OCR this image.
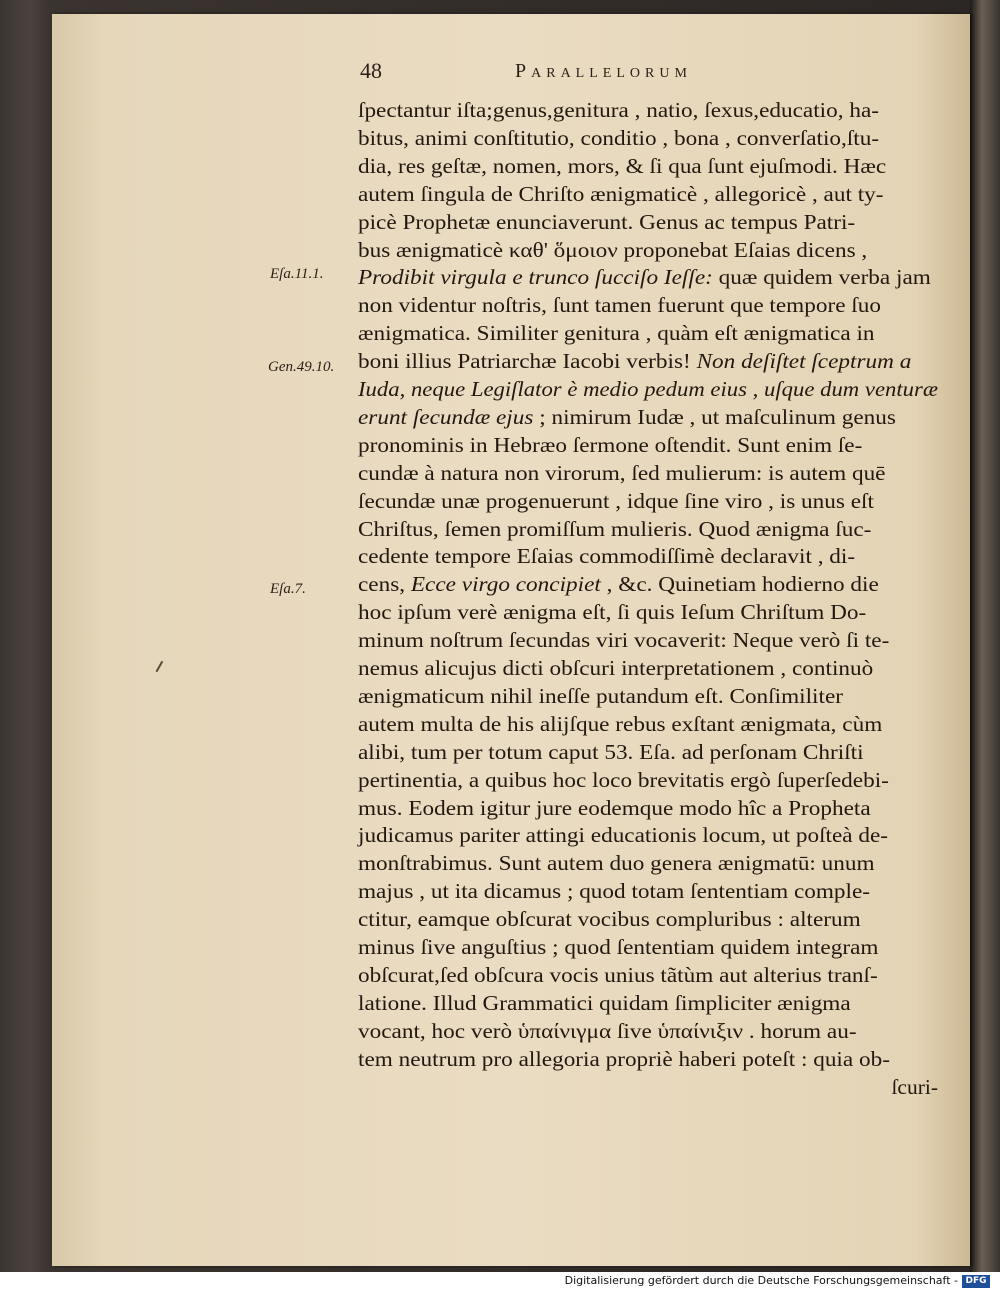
48	Parallelorum
Eſa.11.1.
Gen.49.10.
Eſa.7.
ſpectantur iſta;genus,genitura , natio, ſexus,educatio, ha-
bitus, animi conſtitutio, conditio , bona , converſatio,ſtu-
dia, res geſtæ, nomen, mors, & ſi qua ſunt ejuſmodi. Hæc
autem ſingula de Chriſto ænigmaticè , allegoricè , aut ty-
picè Prophetæ enunciaverunt. Genus ac tempus Patri-
bus ænigmaticè καθ' ὅμοιον proponebat Eſaias dicens ,
Prodibit virgula e trunco ſucciſo Ieſſe: quæ quidem verba jam
non videntur noſtris, ſunt tamen fuerunt que tempore ſuo
ænigmatica. Similiter genitura , quàm eſt ænigmatica in
boni illius Patriarchæ Iacobi verbis! Non deſiſtet ſceptrum a
Iuda, neque Legiſlator è medio pedum eius , uſque dum venturæ
erunt ſecundæ ejus ; nimirum Iudæ , ut maſculinum genus
pronominis in Hebræo ſermone oſtendit. Sunt enim ſe-
cundæ à natura non virorum, ſed mulierum: is autem quē
ſecundæ unæ progenuerunt , idque ſine viro , is unus eſt
Chriſtus, ſemen promiſſum mulieris. Quod ænigma ſuc-
cedente tempore Eſaias commodiſſimè declaravit , di-
cens, Ecce virgo concipiet , &c. Quinetiam hodierno die
hoc ipſum verè ænigma eſt, ſi quis Ieſum Chriſtum Do-
minum noſtrum ſecundas viri vocaverit: Neque verò ſi te-
nemus alicujus dicti obſcuri interpretationem , continuò
ænigmaticum nihil ineſſe putandum eſt. Conſimiliter
autem multa de his alijſque rebus exſtant ænigmata, cùm
alibi, tum per totum caput 53. Eſa. ad perſonam Chriſti
pertinentia, a quibus hoc loco brevitatis ergò ſuperſedebi-
mus. Eodem igitur jure eodemque modo hîc a Propheta
judicamus pariter attingi educationis locum, ut poſteà de-
monſtrabimus. Sunt autem duo genera ænigmatū: unum
majus , ut ita dicamus ; quod totam ſententiam comple-
ctitur, eamque obſcurat vocibus compluribus : alterum
minus ſive anguſtius ; quod ſententiam quidem integram
obſcurat,ſed obſcura vocis unius tãtùm aut alterius tranſ-
latione. Illud Grammatici quidam ſimpliciter ænigma
vocant, hoc verò ὑπαίνιγμα ſive ὑπαίνιξιν . horum au-
tem neutrum pro allegoria propriè haberi poteſt : quia ob-
ſcuri-
Digitalisierung gefördert durch die Deutsche Forschungsgemeinschaft - DFG
